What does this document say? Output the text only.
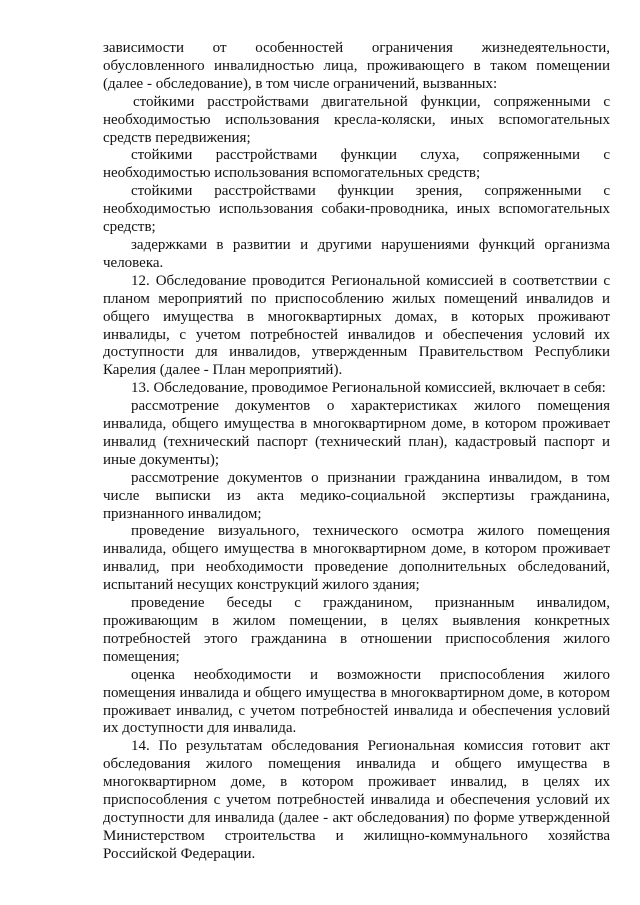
зависимости от особенностей ограничения жизнедеятельности, обусловленного инвалидностью лица, проживающего в таком помещении (далее - обследование), в том числе ограничений, вызванных:

стойкими расстройствами двигательной функции, сопряженными с необходимостью использования кресла-коляски, иных вспомогательных средств передвижения;

стойкими расстройствами функции слуха, сопряженными с необходимостью использования вспомогательных средств;

стойкими расстройствами функции зрения, сопряженными с необходимостью использования собаки-проводника, иных вспомогательных средств;

задержками в развитии и другими нарушениями функций организма человека.

12. Обследование проводится Региональной комиссией в соответствии с планом мероприятий по приспособлению жилых помещений инвалидов и общего имущества в многоквартирных домах, в которых проживают инвалиды, с учетом потребностей инвалидов и обеспечения условий их доступности для инвалидов, утвержденным Правительством Республики Карелия (далее - План мероприятий).

13. Обследование, проводимое Региональной комиссией, включает в себя:

рассмотрение документов о характеристиках жилого помещения инвалида, общего имущества в многоквартирном доме, в котором проживает инвалид (технический паспорт (технический план), кадастровый паспорт и иные документы);

рассмотрение документов о признании гражданина инвалидом, в том числе выписки из акта медико-социальной экспертизы гражданина, признанного инвалидом;

проведение визуального, технического осмотра жилого помещения инвалида, общего имущества в многоквартирном доме, в котором проживает инвалид, при необходимости проведение дополнительных обследований, испытаний несущих конструкций жилого здания;

проведение беседы с гражданином, признанным инвалидом, проживающим в жилом помещении, в целях выявления конкретных потребностей этого гражданина в отношении приспособления жилого помещения;

оценка необходимости и возможности приспособления жилого помещения инвалида и общего имущества в многоквартирном доме, в котором проживает инвалид, с учетом потребностей инвалида и обеспечения условий их доступности для инвалида.

14. По результатам обследования Региональная комиссия готовит акт обследования жилого помещения инвалида и общего имущества в многоквартирном доме, в котором проживает инвалид, в целях их приспособления с учетом потребностей инвалида и обеспечения условий их доступности для инвалида (далее - акт обследования) по форме утвержденной Министерством строительства и жилищно-коммунального хозяйства Российской Федерации.
